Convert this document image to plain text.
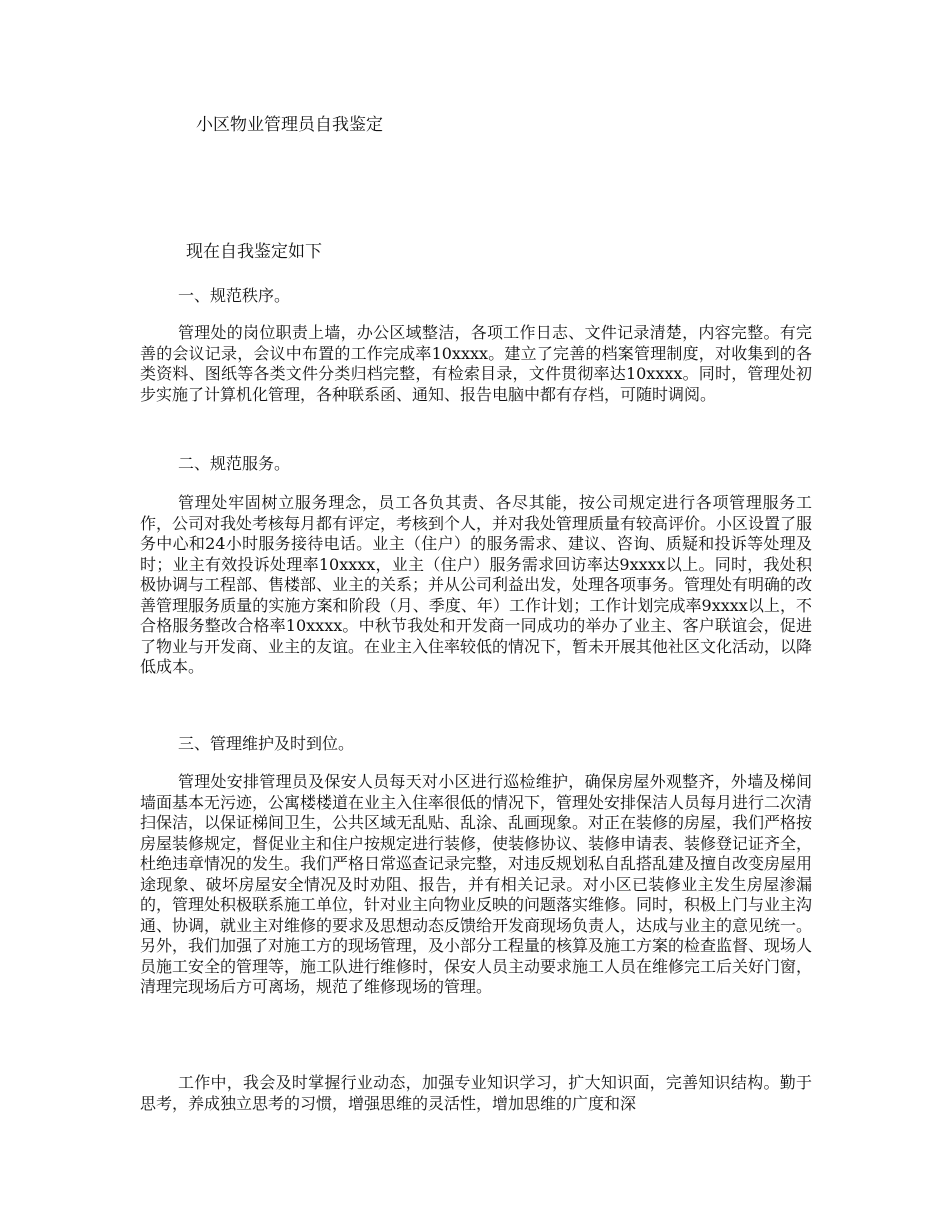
小区物业管理员自我鉴定
现在自我鉴定如下
一、规范秩序。

管理处的岗位职责上墙，办公区域整洁，各项工作日志、文件记录清楚，内容完整。有完善的会议记录，会议中布置的工作完成率10xxxx。建立了完善的档案管理制度，对收集到的各类资料、图纸等各类文件分类归档完整，有检索目录，文件贯彻率达10xxxx。同时，管理处初步实施了计算机化管理，各种联系函、通知、报告电脑中都有存档，可随时调阅。

二、规范服务。

管理处牢固树立服务理念，员工各负其责、各尽其能，按公司规定进行各项管理服务工作，公司对我处考核每月都有评定，考核到个人，并对我处管理质量有较高评价。小区设置了服务中心和24小时服务接待电话。业主（住户）的服务需求、建议、咨询、质疑和投诉等处理及时；业主有效投诉处理率10xxxx，业主（住户）服务需求回访率达9xxxx以上。同时，我处积极协调与工程部、售楼部、业主的关系；并从公司利益出发，处理各项事务。管理处有明确的改善管理服务质量的实施方案和阶段（月、季度、年）工作计划；工作计划完成率9xxxx以上，不合格服务整改合格率10xxxx。中秋节我处和开发商一同成功的举办了业主、客户联谊会，促进了物业与开发商、业主的友谊。在业主入住率较低的情况下，暂未开展其他社区文化活动，以降低成本。

三、管理维护及时到位。

管理处安排管理员及保安人员每天对小区进行巡检维护，确保房屋外观整齐，外墙及梯间墙面基本无污迹，公寓楼楼道在业主入住率很低的情况下，管理处安排保洁人员每月进行二次清扫保洁，以保证梯间卫生，公共区域无乱贴、乱涂、乱画现象。对正在装修的房屋，我们严格按房屋装修规定，督促业主和住户按规定进行装修，使装修协议、装修申请表、装修登记证齐全，杜绝违章情况的发生。我们严格日常巡查记录完整，对违反规划私自乱搭乱建及擅自改变房屋用途现象、破坏房屋安全情况及时劝阻、报告，并有相关记录。对小区已装修业主发生房屋渗漏的，管理处积极联系施工单位，针对业主向物业反映的问题落实维修。同时，积极上门与业主沟通、协调，就业主对维修的要求及思想动态反馈给开发商现场负责人，达成与业主的意见统一。另外，我们加强了对施工方的现场管理，及小部分工程量的核算及施工方案的检查监督、现场人员施工安全的管理等，施工队进行维修时，保安人员主动要求施工人员在维修完工后关好门窗，清理完现场后方可离场，规范了维修现场的管理。

工作中，我会及时掌握行业动态，加强专业知识学习，扩大知识面，完善知识结构。勤于思考，养成独立思考的习惯，增强思维的灵活性，增加思维的广度和深
